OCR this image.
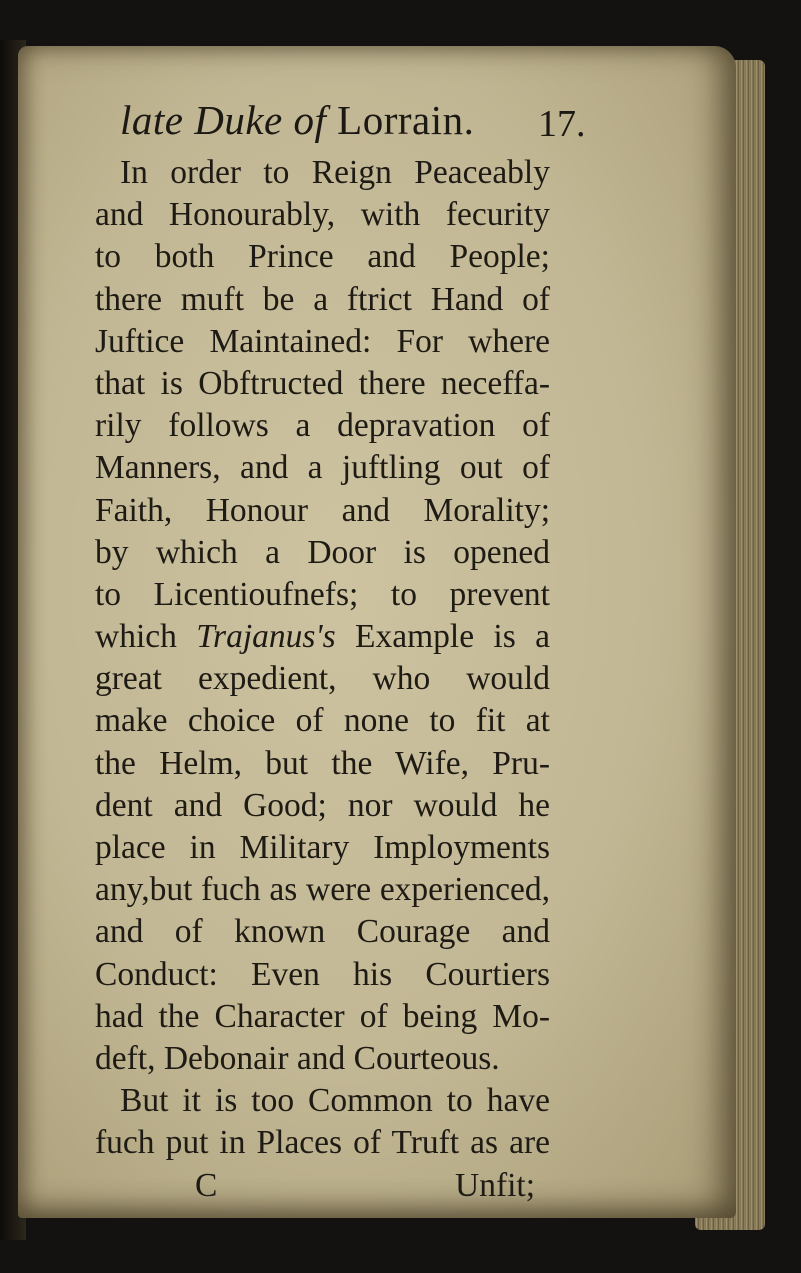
late Duke of Lorrain. 17.
In order to Reign Peaceably
and Honourably, with fecurity
to both Prince and People;
there muft be a ftrict Hand of
Juftice Maintained: For where
that is Obftructed there neceffa-
rily follows a depravation of
Manners, and a juftling out of
Faith, Honour and Morality;
by which a Door is opened
to Licentioufnefs; to prevent
which Trajanus's Example is a
great expedient, who would
make choice of none to fit at
the Helm, but the Wife, Pru-
dent and Good; nor would he
place in Military Imployments
any,but fuch as were experienced,
and of known Courage and
Conduct: Even his Courtiers
had the Character of being Mo-
deft, Debonair and Courteous.
But it is too Common to have
fuch put in Places of Truft as are
C	Unfit;
